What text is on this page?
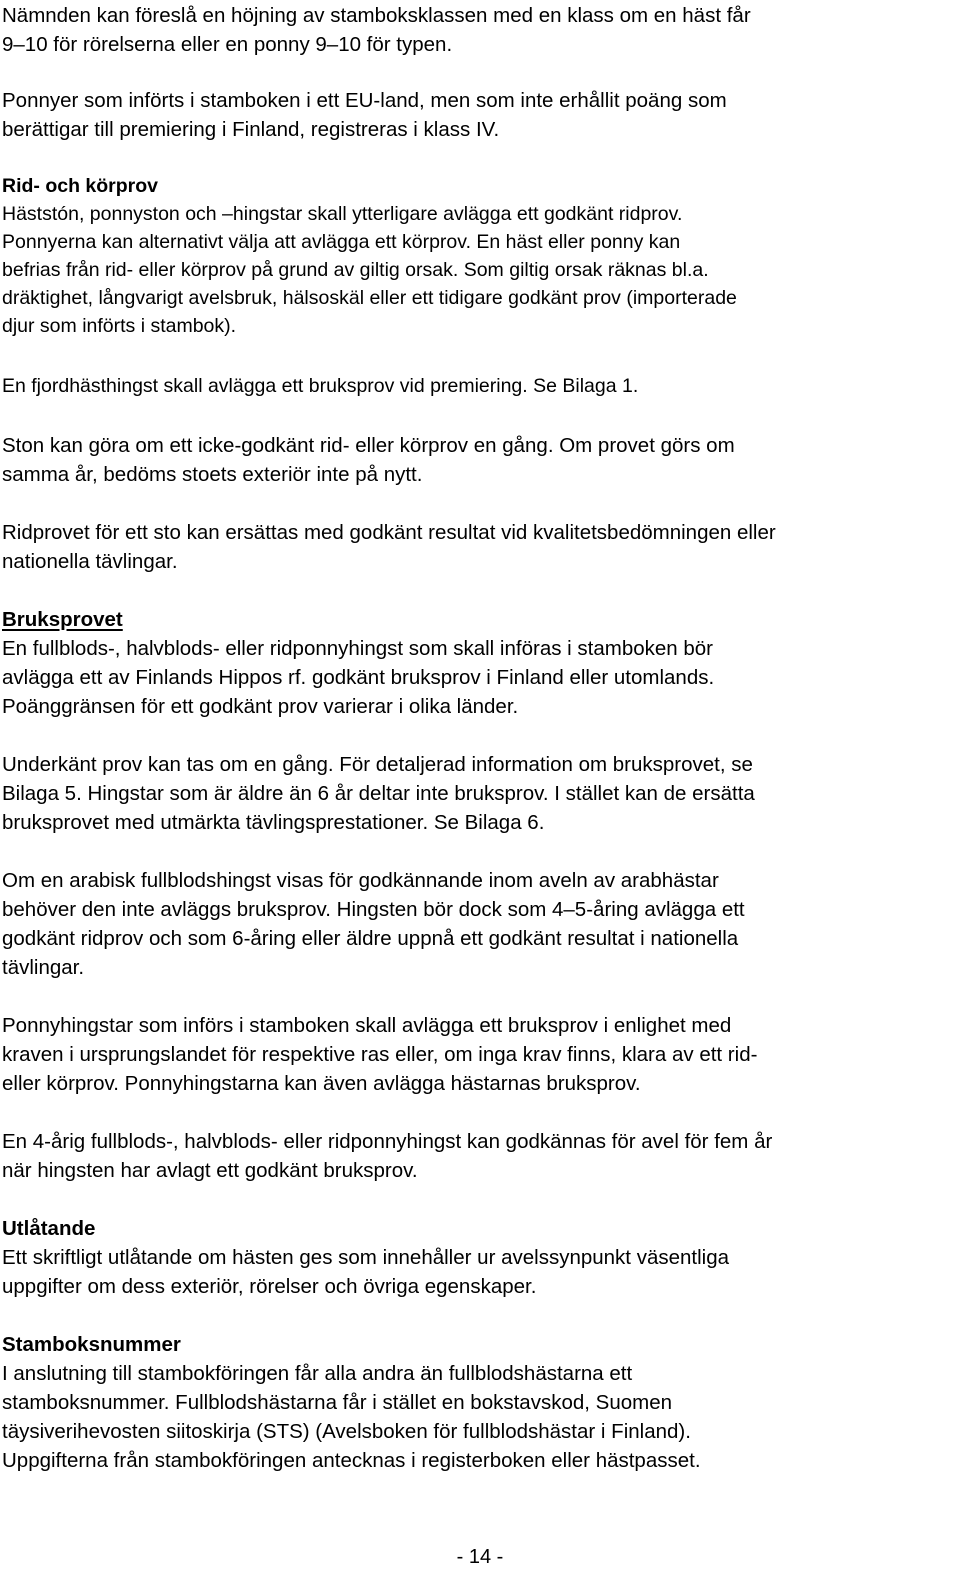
Nämnden kan föreslå en höjning av stamboksklassen med en klass om en häst får
9–10 för rörelserna eller en ponny 9–10 för typen.

Ponnyer som införts i stamboken i ett EU-land, men som inte erhållit poäng som
berättigar till premiering i Finland, registreras i klass IV.

Rid- och körprov
Häststón, ponnyston och –hingstar skall ytterligare avlägga ett godkänt ridprov.
Ponnyerna kan alternativt välja att avlägga ett körprov. En häst eller ponny kan
befrias från rid- eller körprov på grund av giltig orsak. Som giltig orsak räknas bl.a.
dräktighet, långvarigt avelsbruk, hälsoskäl eller ett tidigare godkänt prov (importerade
djur som införts i stambok).

En fjordhästhingst skall avlägga ett bruksprov vid premiering. Se Bilaga 1.

Ston kan göra om ett icke-godkänt rid- eller körprov en gång. Om provet görs om
samma år, bedöms stoets exteriör inte på nytt.

Ridprovet för ett sto kan ersättas med godkänt resultat vid kvalitetsbedömningen eller
nationella tävlingar.

Bruksprovet
En fullblods-, halvblods- eller ridponnyhingst som skall införas i stamboken bör
avlägga ett av Finlands Hippos rf. godkänt bruksprov i Finland eller utomlands.
Poänggränsen för ett godkänt prov varierar i olika länder.

Underkänt prov kan tas om en gång. För detaljerad information om bruksprovet, se
Bilaga 5. Hingstar som är äldre än 6 år deltar inte bruksprov. I stället kan de ersätta
bruksprovet med utmärkta tävlingsprestationer. Se Bilaga 6.

Om en arabisk fullblodshingst visas för godkännande inom aveln av arabhästar
behöver den inte avläggs bruksprov. Hingsten bör dock som 4–5-åring avlägga ett
godkänt ridprov och som 6-åring eller äldre uppnå ett godkänt resultat i nationella
tävlingar.

Ponnyhingstar som införs i stamboken skall avlägga ett bruksprov i enlighet med
kraven i ursprungslandet för respektive ras eller, om inga krav finns, klara av ett rid-
eller körprov. Ponnyhingstarna kan även avlägga hästarnas bruksprov.

En 4-årig fullblods-, halvblods- eller ridponnyhingst kan godkännas för avel för fem år
när hingsten har avlagt ett godkänt bruksprov.

Utlåtande
Ett skriftligt utlåtande om hästen ges som innehåller ur avelssynpunkt väsentliga
uppgifter om dess exteriör, rörelser och övriga egenskaper.
Stamboksnummer
I anslutning till stambokföringen får alla andra än fullblodshästarna ett
stamboksnummer. Fullblodshästarna får i stället en bokstavskod, Suomen
täysiverihevosten siitoskirja (STS) (Avelsboken för fullblodshästar i Finland).
Uppgifterna från stambokföringen antecknas i registerboken eller hästpasset.
- 14 -
